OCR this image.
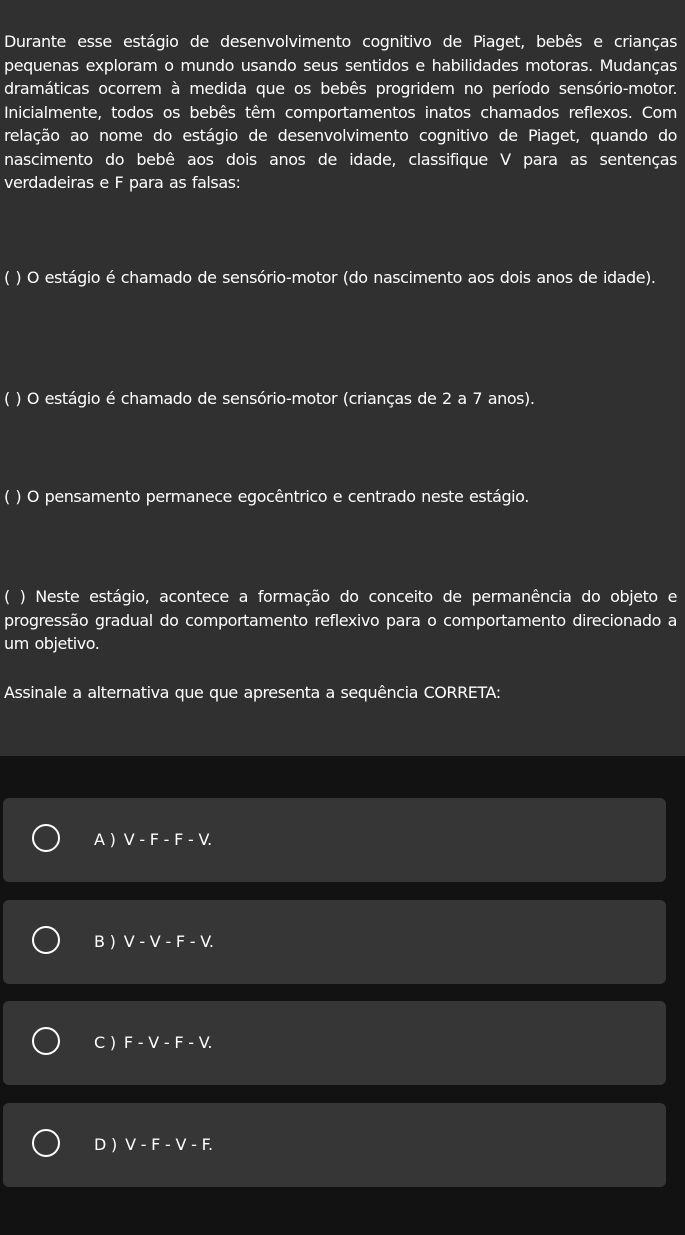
Durante esse estágio de desenvolvimento cognitivo de Piaget, bebês e crianças pequenas exploram o mundo usando seus sentidos e habilidades motoras. Mudanças dramáticas ocorrem à medida que os bebês progridem no período sensório-motor. Inicialmente, todos os bebês têm comportamentos inatos chamados reflexos. Com relação ao nome do estágio de desenvolvimento cognitivo de Piaget, quando do nascimento do bebê aos dois anos de idade, classifique V para as sentenças verdadeiras e F para as falsas:

( ) O estágio é chamado de sensório-motor (do nascimento aos dois anos de idade).

( ) O estágio é chamado de sensório-motor (crianças de 2 a 7 anos).

( ) O pensamento permanece egocêntrico e centrado neste estágio.

( ) Neste estágio, acontece a formação do conceito de permanência do objeto e progressão gradual do comportamento reflexivo para o comportamento direcionado a um objetivo.

Assinale a alternativa que que apresenta a sequência CORRETA:

A ) V - F - F - V.
B ) V - V - F - V.
C ) F - V - F - V.
D ) V - F - V - F.
